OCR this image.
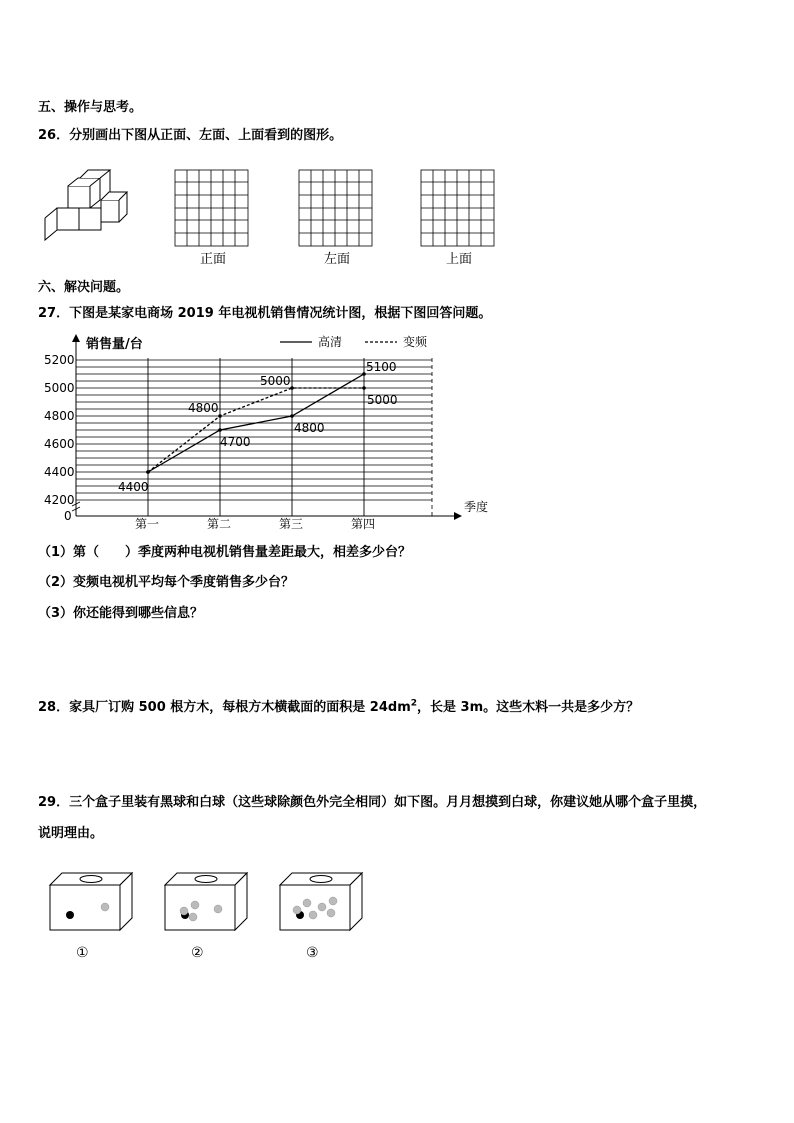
五、操作与思考。
26．分别画出下图从正面、左面、上面看到的图形。
正面	左面	上面
六、解决问题。
27．下图是某家电商场 2019 年电视机销售情况统计图，根据下图回答问题。
5200
5000
4800
4600
4400
4200
0
第一	第二	第三	第四
季度
销售量/台	高清	变频
4400
4700
4800
5100
4800
5000
5000
（1）第（　　）季度两种电视机销售量差距最大，相差多少台？
（2）变频电视机平均每个季度销售多少台？
（3）你还能得到哪些信息？
28．家具厂订购 500 根方木，每根方木横截面的面积是 $24dm^2$，长是 3m。这些木料一共是多少方？
29．三个盒子里装有黑球和白球（这些球除颜色外完全相同）如下图。月月想摸到白球，你建议她从哪个盒子里摸，
说明理由。
①	②	③
